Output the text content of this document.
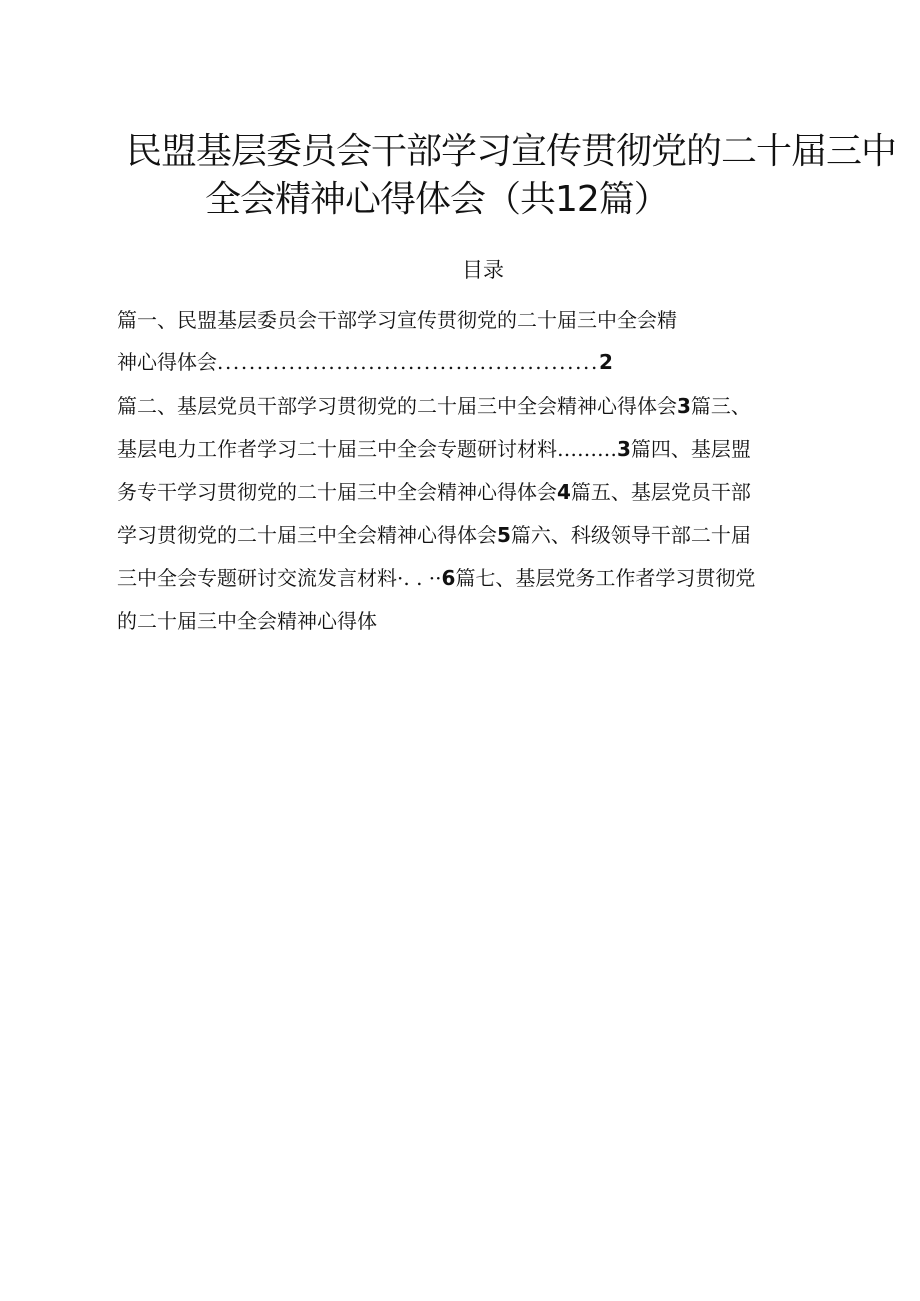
民盟基层委员会干部学习宣传贯彻党的二十届三中
全会精神心得体会（共12篇）
目录
篇一、民盟基层委员会干部学习宣传贯彻党的二十届三中全会精
神心得体会................................................2
篇二、基层党员干部学习贯彻党的二十届三中全会精神心得体会3篇三、
基层电力工作者学习二十届三中全会专题研讨材料………3篇四、基层盟
务专干学习贯彻党的二十届三中全会精神心得体会4篇五、基层党员干部
学习贯彻党的二十届三中全会精神心得体会5篇六、科级领导干部二十届
三中全会专题研讨交流发言材料·. . ··6篇七、基层党务工作者学习贯彻党
的二十届三中全会精神心得体
